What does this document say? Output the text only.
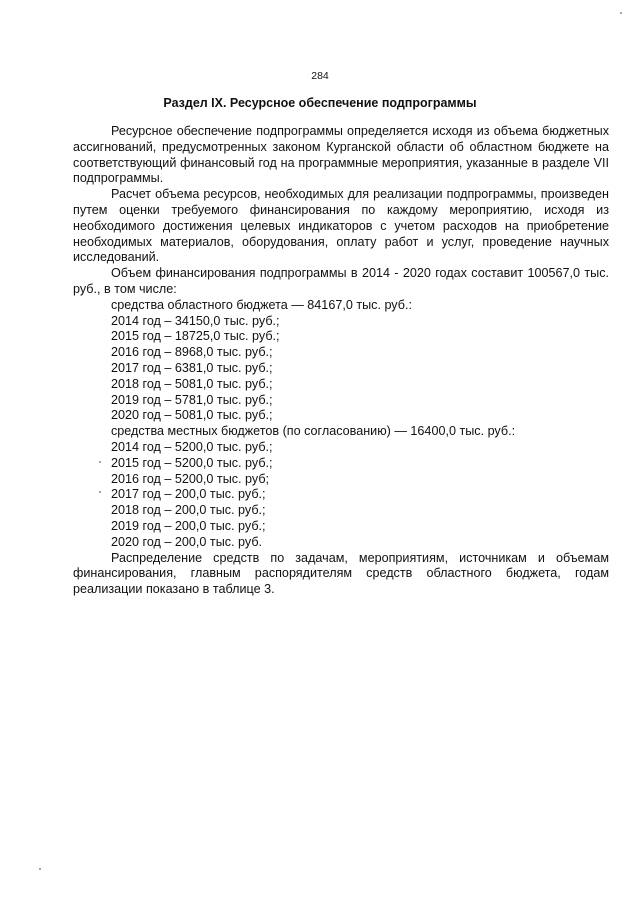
284
Раздел IX. Ресурсное обеспечение подпрограммы

Ресурсное обеспечение подпрограммы определяется исходя из объема бюджетных ассигнований, предусмотренных законом Курганской области об областном бюджете на соответствующий финансовый год на программные мероприятия, указанные в разделе VII подпрограммы.

Расчет объема ресурсов, необходимых для реализации подпрограммы, произведен путем оценки требуемого финансирования по каждому мероприятию, исходя из необходимого достижения целевых индикаторов с учетом расходов на приобретение необходимых материалов, оборудования, оплату работ и услуг, проведение научных исследований.

Объем финансирования подпрограммы в 2014 - 2020 годах составит 100567,0 тыс. руб., в том числе:

средства областного бюджета — 84167,0 тыс. руб.:

2014 год – 34150,0 тыс. руб.;

2015 год – 18725,0 тыс. руб.;

2016 год – 8968,0 тыс. руб.;

2017 год – 6381,0 тыс. руб.;

2018 год – 5081,0 тыс. руб.;

2019 год – 5781,0 тыс. руб.;

2020 год – 5081,0 тыс. руб.;

средства местных бюджетов (по согласованию) — 16400,0 тыс. руб.:

2014 год – 5200,0 тыс. руб.;

2015 год – 5200,0 тыс. руб.;

2016 год – 5200,0 тыс. руб;

2017 год – 200,0 тыс. руб.;

2018 год – 200,0 тыс. руб.;

2019 год – 200,0 тыс. руб.;

2020 год – 200,0 тыс. руб.

Распределение средств по задачам, мероприятиям, источникам и объемам финансирования, главным распорядителям средств областного бюджета, годам реализации показано в таблице 3.
